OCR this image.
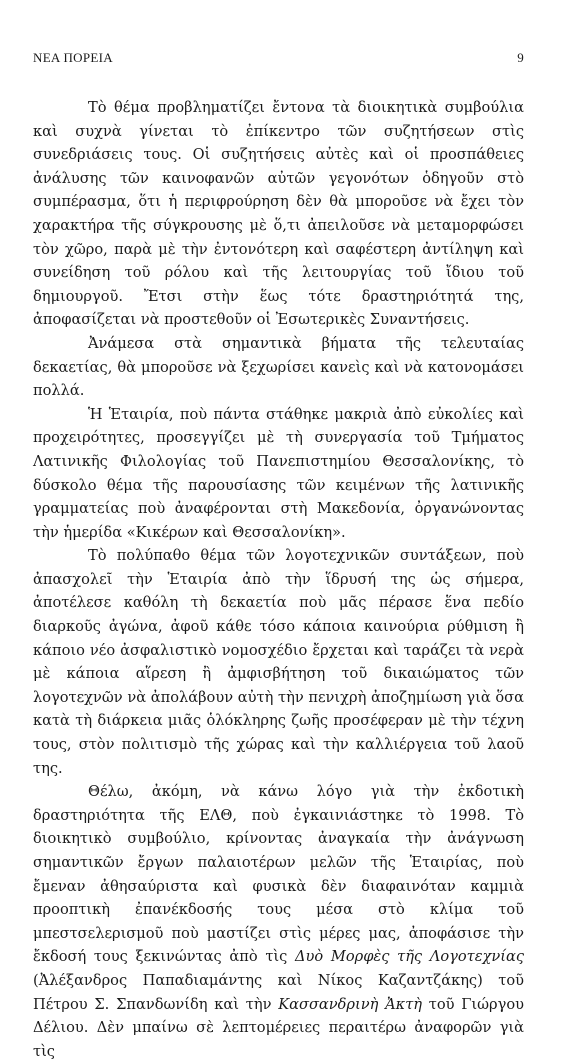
ΝΕΑ ΠΟΡΕΙΑ	9

Τὸ θέμα προβληματίζει ἔντονα τὰ διοικητικὰ συμβούλια καὶ συχνὰ γίνεται τὸ ἐπίκεντρο τῶν συζητήσεων στὶς συνεδριάσεις τους. Οἱ συζητήσεις αὐτὲς καὶ οἱ προσπάθειες ἀνάλυσης τῶν καινοφανῶν αὐτῶν γεγονότων ὁδηγοῦν στὸ συμπέρασμα, ὅτι ἡ περιφρούρηση δὲν θὰ μποροῦσε νὰ ἔχει τὸν χαρακτήρα τῆς σύγκρουσης μὲ ὅ,τι ἀπειλοῦσε νὰ μεταμορφώσει τὸν χῶρο, παρὰ μὲ τὴν ἐντονότερη καὶ σαφέστερη ἀντίληψη καὶ συνείδηση τοῦ ρόλου καὶ τῆς λειτουργίας τοῦ ἴδιου τοῦ δημιουργοῦ. Ἔτσι στὴν ἕως τότε δραστηριότητά της, ἀποφασίζεται νὰ προστεθοῦν οἱ Ἐσωτερικὲς Συναντήσεις.

Ἀνάμεσα στὰ σημαντικὰ βήματα τῆς τελευταίας δεκαετίας, θὰ μποροῦσε νὰ ξεχωρίσει κανεὶς καὶ νὰ κατονομάσει πολλά.

Ἡ Ἑταιρία, ποὺ πάντα στάθηκε μακριὰ ἀπὸ εὐκολίες καὶ προχειρότητες, προσεγγίζει μὲ τὴ συνεργασία τοῦ Τμήματος Λατινικῆς Φιλολογίας τοῦ Πανεπιστημίου Θεσσαλονίκης, τὸ δύσκολο θέμα τῆς παρουσίασης τῶν κειμένων τῆς λατινικῆς γραμματείας ποὺ ἀναφέρονται στὴ Μακεδονία, ὀργανώνοντας τὴν ἡμερίδα «Κικέρων καὶ Θεσσαλονίκη».

Τὸ πολύπαθο θέμα τῶν λογοτεχνικῶν συντάξεων, ποὺ ἀπασχολεῖ τὴν Ἑταιρία ἀπὸ τὴν ἵδρυσή της ὡς σήμερα, ἀποτέλεσε καθόλη τὴ δεκαετία ποὺ μᾶς πέρασε ἕνα πεδίο διαρκοῦς ἀγώνα, ἀφοῦ κάθε τόσο κάποια καινούρια ρύθμιση ἢ κάποιο νέο ἀσφαλιστικὸ νομοσχέδιο ἔρχεται καὶ ταράζει τὰ νερὰ μὲ κάποια αἵρεση ἢ ἀμφισβήτηση τοῦ δικαιώματος τῶν λογοτεχνῶν νὰ ἀπολάβουν αὐτὴ τὴν πενιχρὴ ἀποζημίωση γιὰ ὅσα κατὰ τὴ διάρκεια μιᾶς ὁλόκληρης ζωῆς προσέφεραν μὲ τὴν τέχνη τους, στὸν πολιτισμὸ τῆς χώρας καὶ τὴν καλλιέργεια τοῦ λαοῦ της.

Θέλω, ἀκόμη, νὰ κάνω λόγο γιὰ τὴν ἐκδοτικὴ δραστηριότητα τῆς ΕΛΘ, ποὺ ἐγκαινιάστηκε τὸ 1998. Τὸ διοικητικὸ συμβούλιο, κρίνοντας ἀναγκαία τὴν ἀνάγνωση σημαντικῶν ἔργων παλαιοτέρων μελῶν τῆς Ἑταιρίας, ποὺ ἔμεναν ἀθησαύριστα καὶ φυσικὰ δὲν διαφαινόταν καμμιὰ προοπτικὴ ἐπανέκδοσής τους μέσα στὸ κλίμα τοῦ μπεστσελερισμοῦ ποὺ μαστίζει στὶς μέρες μας, ἀποφάσισε τὴν ἔκδοσή τους ξεκινώντας ἀπὸ τὶς Δυὸ Μορφὲς τῆς Λογοτεχνίας (Ἀλέξανδρος Παπαδιαμάντης καὶ Νίκος Καζαντζάκης) τοῦ Πέτρου Σ. Σπανδωνίδη καὶ τὴν Κασσανδρινὴ Ἀκτὴ τοῦ Γιώργου Δέλιου. Δὲν μπαίνω σὲ λεπτομέρειες περαιτέρω ἀναφορῶν γιὰ τὶς
